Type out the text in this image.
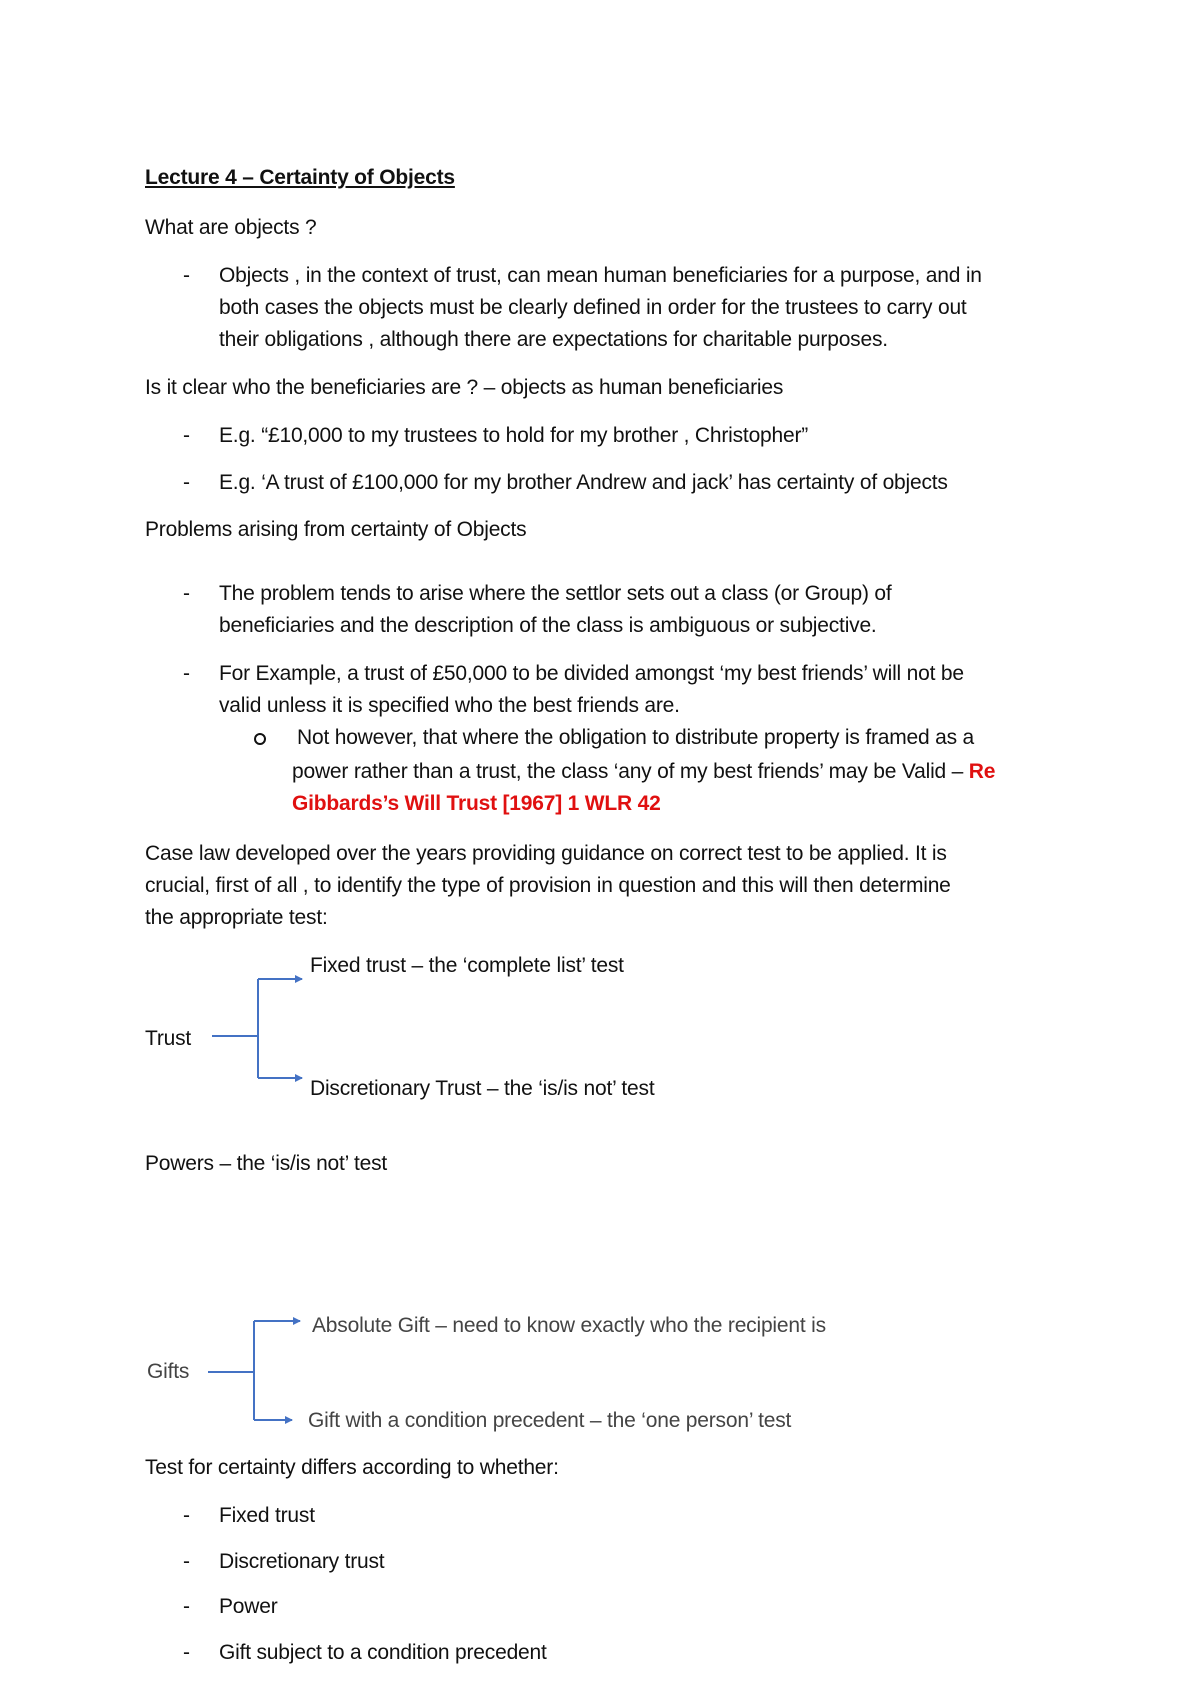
Lecture 4 – Certainty of Objects
What are objects ?
- Objects , in the context of trust, can mean human beneficiaries for a purpose, and in
both cases the objects must be clearly defined in order for the trustees to carry out
their obligations , although there are expectations for charitable purposes.
Is it clear who the beneficiaries are ? – objects as human beneficiaries
- E.g. “£10,000 to my trustees to hold for my brother , Christopher”
- E.g. ‘A trust of £100,000 for my brother Andrew and jack’ has certainty of objects
Problems arising from certainty of Objects
- The problem tends to arise where the settlor sets out a class (or Group) of
beneficiaries and the description of the class is ambiguous or subjective.
- For Example, a trust of £50,000 to be divided amongst ‘my best friends’ will not be
valid unless it is specified who the best friends are.
Not however, that where the obligation to distribute property is framed as a
power rather than a trust, the class ‘any of my best friends’ may be Valid – Re
Gibbards’s Will Trust [1967] 1 WLR 42
Case law developed over the years providing guidance on correct test to be applied. It is
crucial, first of all , to identify the type of provision in question and this will then determine
the appropriate test:
Trust
Fixed trust – the ‘complete list’ test
Discretionary Trust – the ‘is/is not’ test
Powers – the ‘is/is not’ test
Gifts
Absolute Gift – need to know exactly who the recipient is
Gift with a condition precedent – the ‘one person’ test
Test for certainty differs according to whether:
- Fixed trust
- Discretionary trust
- Power
- Gift subject to a condition precedent
